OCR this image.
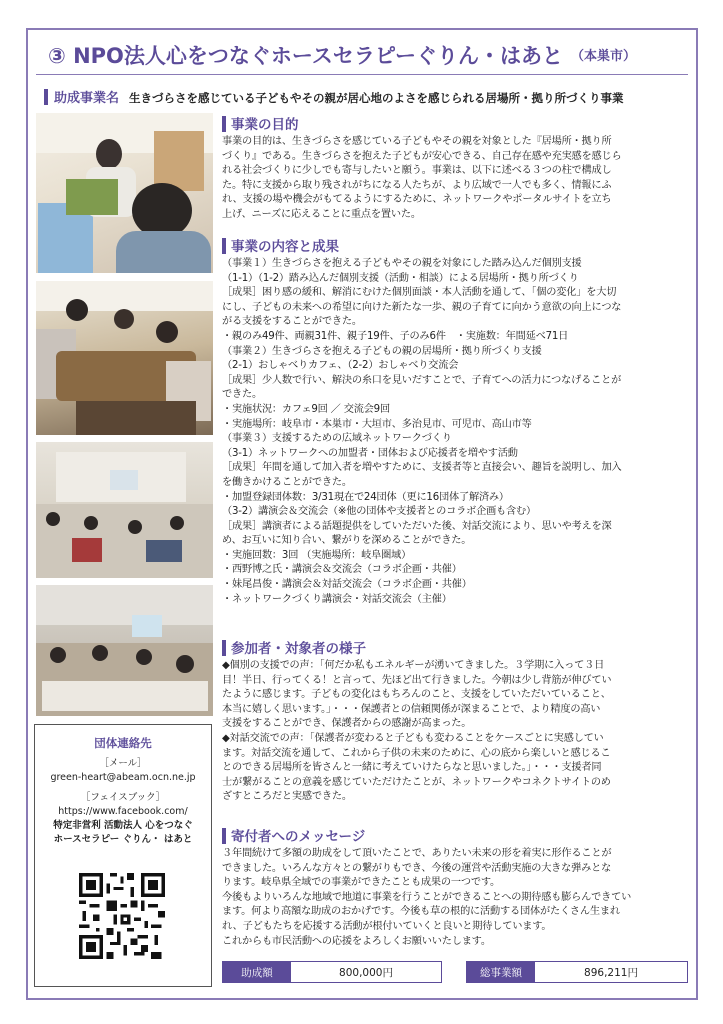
③ NPO法人心をつなぐホースセラピーぐりん・はあと （本巣市）
助成事業名 生きづらさを感じている子どもやその親が居心地のよさを感じられる居場所・拠り所づくり事業
団体連絡先
［メール］
green-heart@abeam.ocn.ne.jp
［フェイスブック］
https://www.facebook.com/
特定非営利 活動法人 心をつなぐ
ホースセラピー ぐりん・ はあと
事業の目的

事業の目的は、生きづらさを感じている子どもやその親を対象とした『居場所・拠り所

づくり』である。生きづらさを抱えた子どもが安心できる、自己存在感や充実感を感じら

れる社会づくりに少しでも寄与したいと願う。事業は、以下に述べる３つの柱で構成し

た。特に支援から取り残されがちになる人たちが、より広域で一人でも多く、情報にふ

れ、支援の場や機会がもてるようにするために、ネットワークやポータルサイトを立ち

上げ、ニーズに応えることに重点を置いた。

事業の内容と成果

（事業１）生きづらさを抱える子どもやその親を対象にした踏み込んだ個別支援

（1-1）（1-2）踏み込んだ個別支援（活動・相談）による居場所・拠り所づくり

［成果］困り感の緩和、解消にむけた個別面談・本人活動を通して、「個の変化」を大切

にし、子どもの未来への希望に向けた新たな一歩、親の子育てに向かう意欲の向上につな

がる支援をすることができた。

・親のみ49件、両親31件、親子19件、子のみ6件　・実施数：年間延べ71日

（事業２）生きづらさを抱える子どもの親の居場所・拠り所づくり支援

（2-1）おしゃべりカフェ、（2-2）おしゃべり交流会

［成果］少人数で行い、解決の糸口を見いだすことで、子育てへの活力につなげることが

できた。

・実施状況：カフェ9回 ／ 交流会9回

・実施場所：岐阜市・本巣市・大垣市、多治見市、可児市、高山市等

（事業３）支援するための広域ネットワークづくり

（3-1）ネットワークへの加盟者・団体および応援者を増やす活動

［成果］年間を通して加入者を増やすために、支援者等と直接会い、趣旨を説明し、加入

を働きかけることができた。

・加盟登録団体数：3/31現在で24団体（更に16団体了解済み）

（3-2）講演会＆交流会（※他の団体や支援者とのコラボ企画も含む）

［成果］講演者による話題提供をしていただいた後、対話交流により、思いや考えを深

め、お互いに知り合い、繋がりを深めることができた。

・実施回数：3回 （実施場所：岐阜圏域）

・西野博之氏・講演会＆交流会（コラボ企画・共催）

・妹尾昌俊・講演会＆対話交流会（コラボ企画・共催）

・ネットワークづくり講演会・対話交流会（主催）

参加者・対象者の様子

◆個別の支援での声：「何だか私もエネルギーが湧いてきました。３学期に入って３日

目！半日、行ってくる！と言って、先ほど出て行きました。今朝は少し背筋が伸びてい

たように感じます。子どもの変化はもちろんのこと、支援をしていただいていること、

本当に嬉しく思います。」・・・保護者との信頼関係が深まることで、より精度の高い

支援をすることができ、保護者からの感謝が高まった。

◆対話交流での声：「保護者が変わると子どもも変わることをケースごとに実感してい

ます。対話交流を通して、これから子供の未来のために、心の底から楽しいと感じるこ

とのできる居場所を皆さんと一緒に考えていけたらなと思いました。」・・・支援者同

士が繋がることの意義を感じていただけたことが、ネットワークやコネクトサイトのめ

ざすところだと実感できた。

寄付者へのメッセージ

３年間続けて多額の助成をして頂いたことで、ありたい未来の形を着実に形作ることが

できました。いろんな方々との繋がりもでき、今後の運営や活動実施の大きな弾みとな

ります。岐阜県全域での事業ができたことも成果の一つです。

今後もよりいろんな地域で地道に事業を行うことができることへの期待感も膨らんできてい

ます。何より高額な助成のおかげです。今後も草の根的に活動する団体がたくさん生まれ

れ、子どもたちを応援する活動が根付いていくと良いと期待しています。

これからも市民活動への応援をよろしくお願いいたします。

助成額	800,000円	総事業額	896,211円
